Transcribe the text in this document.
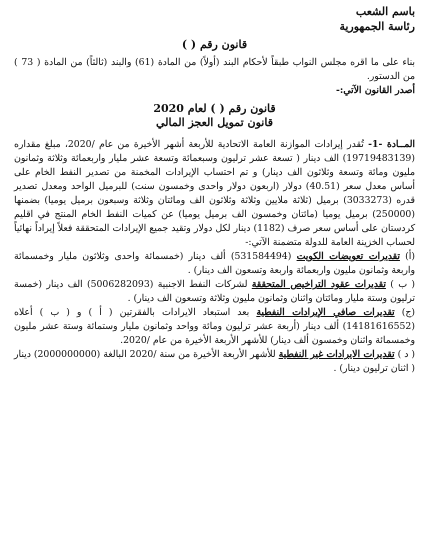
باسم الشعب
رئاسة الجمهورية
قانون رقم ( )
بناء على ما اقره مجلس النواب طبقاً لأحكام البند (أولاً) من المادة (61) والبند (ثالثاً) من المادة ( 73 ) من الدستور.
أصدر القانون الآتي:-
قانون رقم ( ) لعام 2020
قانون تمويل العجز المالي
المــادة -1- تُقدر إيرادات الموازنة العامة الاتحادية للأربعة أشهر الأخيرة من عام /2020، مبلغ مقداره (19719483139) الف دينار ( تسعة عشر ترليون وسبعمائة وتسعة عشر مليار واربعمائة وثلاثة وثمانون مليون ومائة وتسعة وثلاثون الف دينار) و تم احتساب الإيرادات المخمنة من تصدير النفط الخام على أساس معدل سعر (40.51) دولار (اربعون دولار واحدى وخمسون سنت) للبرميل الواحد ومعدل تصدير قدره (3033273) برميل (ثلاثة ملايين وثلاثة وثلاثون الف ومائتان وثلاثة وسبعون برميل يوميا) بضمنها (250000) برميل يوميا (مائتان وخمسون الف برميل يوميا) عن كميات النفط الخام المنتج في اقليم كردستان على أساس سعر صرف (1182) دينار لكل دولار وتقيد جميع الإيرادات المتحققة فعلاً إيراداً نهائياً لحساب الخزينة العامة للدولة متضمنة الآتي:-
(أ) تقديرات تعويضات الكويت (531584494) ألف دينار (خمسمائة واحدى وثلاثون مليار وخمسمائة واربعة وثمانون مليون واربعمائة واربعة وتسعون الف دينار) .
( ب ) تقديرات عقود التراخيص المتحققة لشركات النفط الاجنبية (5006282093) الف دينار (خمسة ترليون وستة مليار ومائتان واثنان وثمانون مليون وثلاثة وتسعون الف دينار) .
(ج) تقديرات صافي الإيرادات النفطية بعد استبعاد الايرادات بالفقرتين ( أ ) و ( ب ) أعلاه (14181616552) ألف دينار (أربعة عشر ترليون ومائة وواحد وثمانون مليار وستمائة وستة عشر مليون وخمسمائة واثنان وخمسون ألف دينار) للأشهر الأربعة الأخيرة من عام /2020.
( د ) تقديرات الايرادات غير النفطية للأشهر الأربعة الأخيرة من سنة /2020 البالغة (2000000000) دينار ( اثنان ترليون دينار) .
